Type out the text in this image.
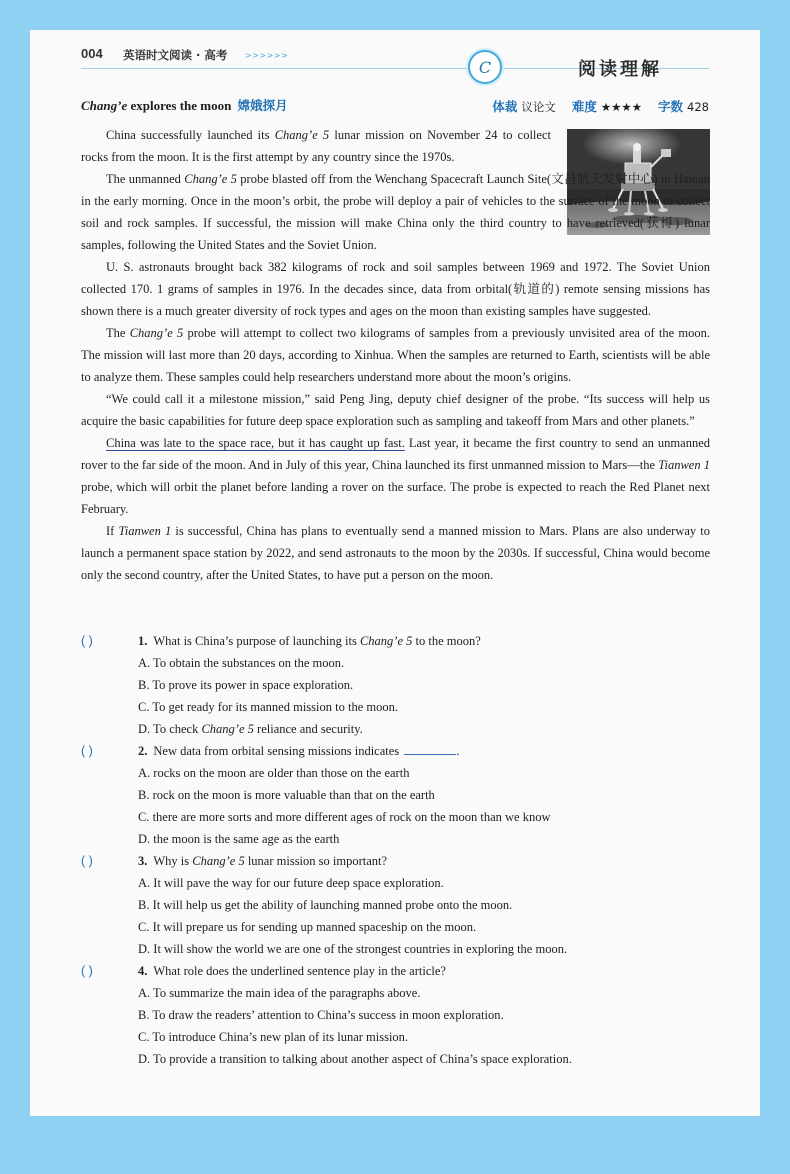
004 英语时文阅读 · 高考 >>>>>>
C	阅读理解
Chang’e explores the moon 嫦娥探月	体裁 议论文 难度 ★★★★ 字数 428

China successfully launched its Chang’e 5 lunar mission on November 24 to collect rocks from the moon. It is the first attempt by any country since the 1970s.

The unmanned Chang’e 5 probe blasted off from the Wenchang Spacecraft Launch Site(文昌航天发射中心) in Hainan in the early morning. Once in the moon’s orbit, the probe will deploy a pair of vehicles to the surface of the moon to collect soil and rock samples. If successful, the mission will make China only the third country to have retrieved(获得) lunar samples, following the United States and the Soviet Union.

U. S. astronauts brought back 382 kilograms of rock and soil samples between 1969 and 1972. The Soviet Union collected 170. 1 grams of samples in 1976. In the decades since, data from orbital(轨道的) remote sensing missions has shown there is a much greater diversity of rock types and ages on the moon than existing samples have suggested.

The Chang’e 5 probe will attempt to collect two kilograms of samples from a previously unvisited area of the moon. The mission will last more than 20 days, according to Xinhua. When the samples are returned to Earth, scientists will be able to analyze them. These samples could help researchers understand more about the moon’s origins.

“We could call it a milestone mission,” said Peng Jing, deputy chief designer of the probe. “Its success will help us acquire the basic capabilities for future deep space exploration such as sampling and takeoff from Mars and other planets.”

China was late to the space race, but it has caught up fast. Last year, it became the first country to send an unmanned rover to the far side of the moon. And in July of this year, China launched its first unmanned mission to Mars—the Tianwen 1 probe, which will orbit the planet before landing a rover on the surface. The probe is expected to reach the Red Planet next February.

If Tianwen 1 is successful, China has plans to eventually send a manned mission to Mars. Plans are also underway to launch a permanent space station by 2022, and send astronauts to the moon by the 2030s. If successful, China would become only the second country, after the United States, to have put a person on the moon.

( )	1. What is China’s purpose of launching its Chang’e 5 to the moon?
A. To obtain the substances on the moon.
B. To prove its power in space exploration.
C. To get ready for its manned mission to the moon.
D. To check Chang’e 5 reliance and security.
( )	2. New data from orbital sensing missions indicates	.
A. rocks on the moon are older than those on the earth
B. rock on the moon is more valuable than that on the earth
C. there are more sorts and more different ages of rock on the moon than we know
D. the moon is the same age as the earth
( )	3. Why is Chang’e 5 lunar mission so important?
A. It will pave the way for our future deep space exploration.
B. It will help us get the ability of launching manned probe onto the moon.
C. It will prepare us for sending up manned spaceship on the moon.
D. It will show the world we are one of the strongest countries in exploring the moon.
( )	4. What role does the underlined sentence play in the article?
A. To summarize the main idea of the paragraphs above.
B. To draw the readers’ attention to China’s success in moon exploration.
C. To introduce China’s new plan of its lunar mission.
D. To provide a transition to talking about another aspect of China’s space exploration.
